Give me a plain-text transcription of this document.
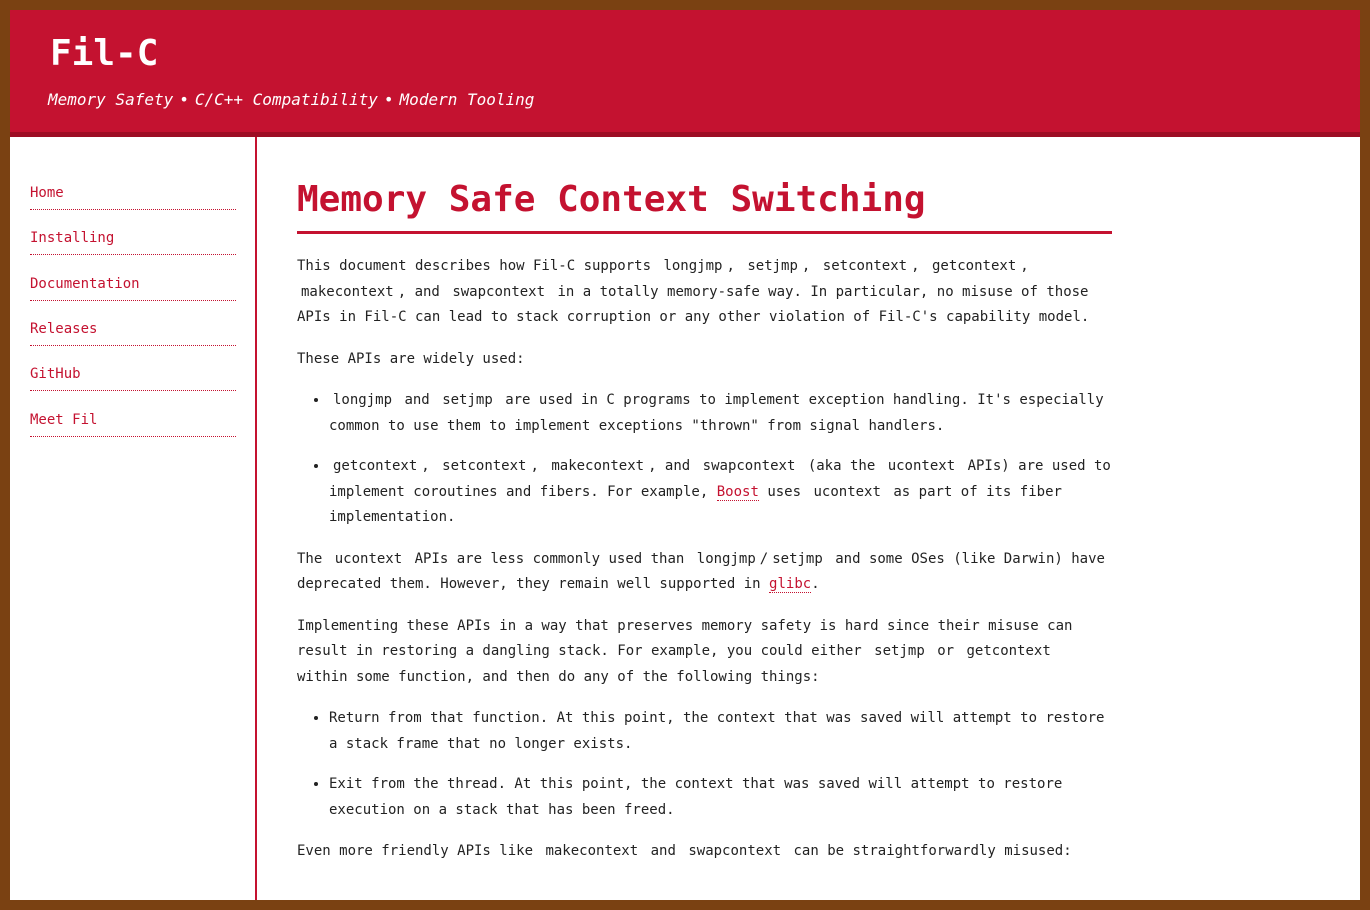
Fil-C
Memory Safety • C/C++ Compatibility • Modern Tooling
Home
Installing
Documentation
Releases
GitHub
Meet Fil
Memory Safe Context Switching

This document describes how Fil-C supports longjmp , setjmp , setcontext , getcontext , makecontext , and swapcontext in a totally memory-safe way. In particular, no misuse of those APIs in Fil-C can lead to stack corruption or any other violation of Fil-C's capability model.

These APIs are widely used:

• longjmp and setjmp are used in C programs to implement exception handling. It's especially common to use them to implement exceptions "thrown" from signal handlers.
• getcontext , setcontext , makecontext , and swapcontext (aka the ucontext APIs) are used to implement coroutines and fibers. For example, Boost uses ucontext as part of its fiber implementation.

The ucontext APIs are less commonly used than longjmp / setjmp and some OSes (like Darwin) have deprecated them. However, they remain well supported in glibc.

Implementing these APIs in a way that preserves memory safety is hard since their misuse can result in restoring a dangling stack. For example, you could either setjmp or getcontext within some function, and then do any of the following things:

• Return from that function. At this point, the context that was saved will attempt to restore a stack frame that no longer exists.
• Exit from the thread. At this point, the context that was saved will attempt to restore execution on a stack that has been freed.

Even more friendly APIs like makecontext and swapcontext can be straightforwardly misused:
